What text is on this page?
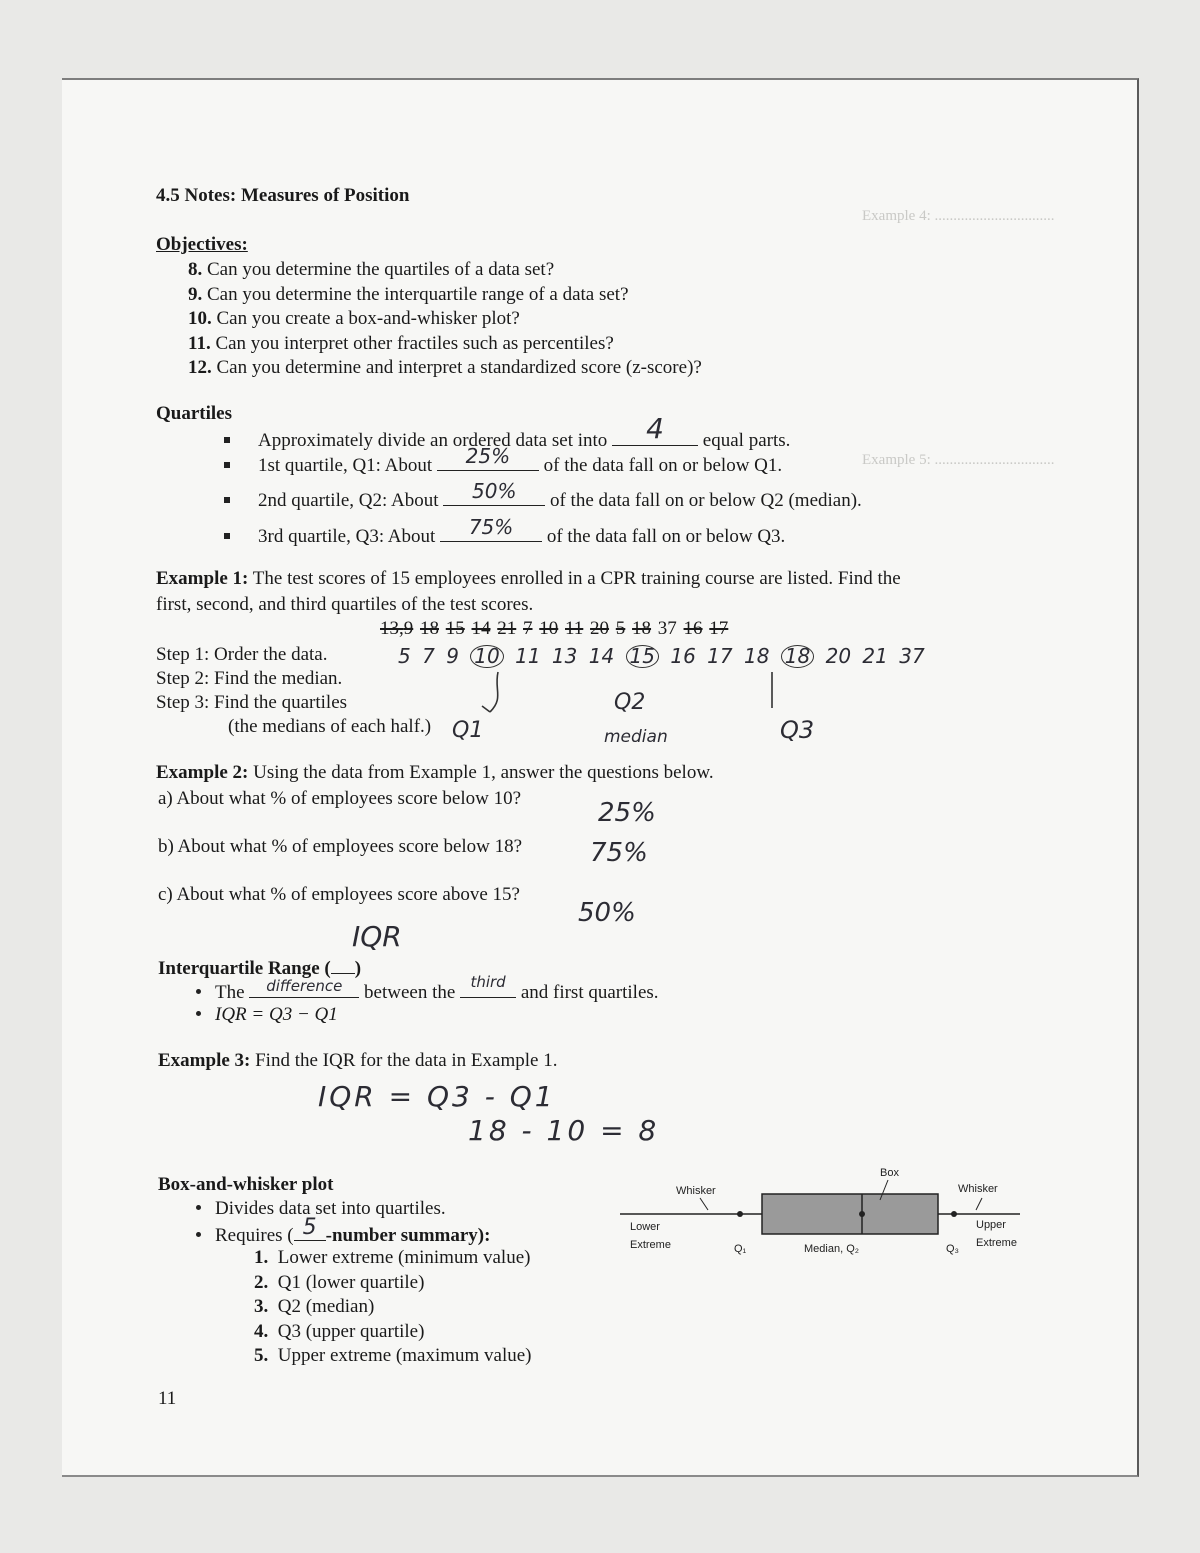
Example 4: ................................
Example 5: ................................
4.5 Notes: Measures of Position
Objectives:
8. Can you determine the quartiles of a data set?
9. Can you determine the interquartile range of a data set?
10. Can you create a box-and-whisker plot?
11. Can you interpret other fractiles such as percentiles?
12. Can you determine and interpret a standardized score (z-score)?
Quartiles
Approximately divide an ordered data set into	4	equal parts.
1st quartile, Q1: About	25%	of the data fall on or below Q1.
2nd quartile, Q2: About	50%	of the data fall on or below Q2 (median).
3rd quartile, Q3: About	75%	of the data fall on or below Q3.
Example 1: The test scores of 15 employees enrolled in a CPR training course are listed. Find the
first, second, and third quartiles of the test scores.
13,9 18 15 14 21 7 10 11 20 5 18 37 16 17
Step 1: Order the data.
Step 2: Find the median.
Step 3: Find the quartiles
(the medians of each half.)
5 7 9 10 11 13 14 15 16 17 18 18 20 21 37
Q1
Q2
median	Q3
Example 2: Using the data from Example 1, answer the questions below.
a) About what % of employees score below 10?	25%
b) About what % of employees score below 18?	75%
c) About what % of employees score above 15?
50%
IQR
Interquartile Range ( )
The	difference	between the	third and first quartiles.
IQR = Q3 − Q1
Example 3: Find the IQR for the data in Example 1.
IQR = Q3 - Q1
18 - 10 = 8
Box-and-whisker plot
Divides data set into quartiles.
Requires ( 5 -number summary):
1. Lower extreme (minimum value)
2. Q1 (lower quartile)
3. Q2 (median)
4. Q3 (upper quartile)
5. Upper extreme (maximum value)
Whisker
Box
Whisker
Lower
Extreme	Q₁	Median, Q₂	Q₃
Upper
Extreme
11
